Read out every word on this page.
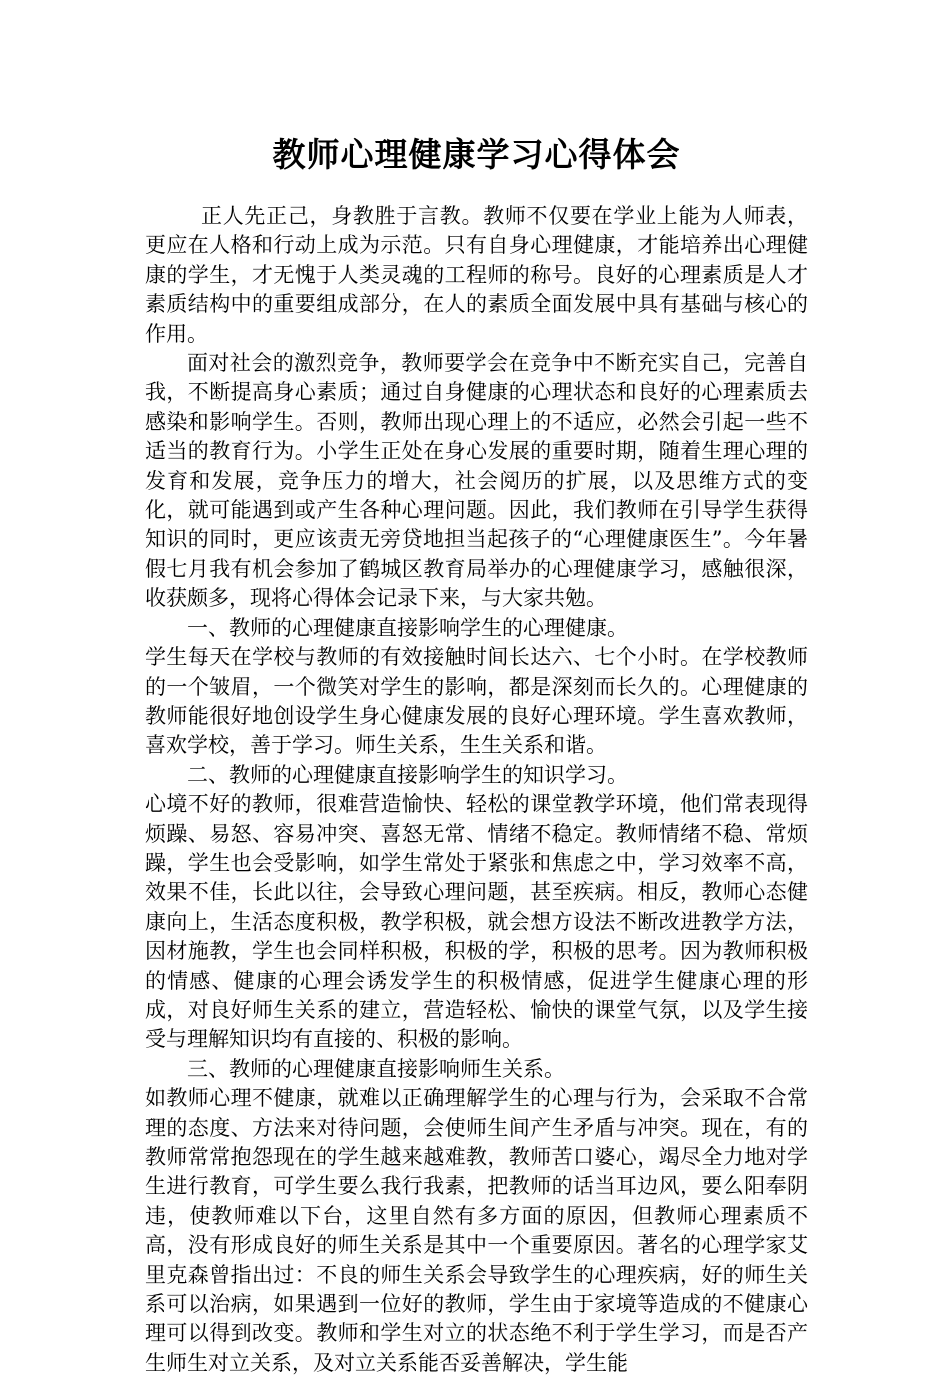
教师心理健康学习心得体会

正人先正己，身教胜于言教。教师不仅要在学业上能为人师表，更应在人格和行动上成为示范。只有自身心理健康，才能培养出心理健康的学生，才无愧于人类灵魂的工程师的称号。良好的心理素质是人才素质结构中的重要组成部分，在人的素质全面发展中具有基础与核心的作用。

面对社会的激烈竞争，教师要学会在竞争中不断充实自己，完善自我，不断提高身心素质；通过自身健康的心理状态和良好的心理素质去感染和影响学生。否则，教师出现心理上的不适应，必然会引起一些不适当的教育行为。小学生正处在身心发展的重要时期，随着生理心理的发育和发展，竞争压力的增大，社会阅历的扩展，以及思维方式的变化，就可能遇到或产生各种心理问题。因此，我们教师在引导学生获得知识的同时，更应该责无旁贷地担当起孩子的“心理健康医生”。今年暑假七月我有机会参加了鹤城区教育局举办的心理健康学习，感触很深，收获颇多，现将心得体会记录下来，与大家共勉。

一、教师的心理健康直接影响学生的心理健康。

学生每天在学校与教师的有效接触时间长达六、七个小时。在学校教师的一个皱眉，一个微笑对学生的影响，都是深刻而长久的。心理健康的教师能很好地创设学生身心健康发展的良好心理环境。学生喜欢教师，喜欢学校，善于学习。师生关系，生生关系和谐。

二、教师的心理健康直接影响学生的知识学习。

心境不好的教师，很难营造愉快、轻松的课堂教学环境，他们常表现得烦躁、易怒、容易冲突、喜怒无常、情绪不稳定。教师情绪不稳、常烦躁，学生也会受影响，如学生常处于紧张和焦虑之中，学习效率不高，效果不佳，长此以往，会导致心理问题，甚至疾病。相反，教师心态健康向上，生活态度积极，教学积极，就会想方设法不断改进教学方法，因材施教，学生也会同样积极，积极的学，积极的思考。因为教师积极的情感、健康的心理会诱发学生的积极情感，促进学生健康心理的形成，对良好师生关系的建立，营造轻松、愉快的课堂气氛，以及学生接受与理解知识均有直接的、积极的影响。

三、教师的心理健康直接影响师生关系。

如教师心理不健康，就难以正确理解学生的心理与行为，会采取不合常理的态度、方法来对待问题，会使师生间产生矛盾与冲突。现在，有的教师常常抱怨现在的学生越来越难教，教师苦口婆心，竭尽全力地对学生进行教育，可学生要么我行我素，把教师的话当耳边风，要么阳奉阴违，使教师难以下台，这里自然有多方面的原因，但教师心理素质不高，没有形成良好的师生关系是其中一个重要原因。著名的心理学家艾里克森曾指出过：不良的师生关系会导致学生的心理疾病，好的师生关系可以治病，如果遇到一位好的教师，学生由于家境等造成的不健康心理可以得到改变。教师和学生对立的状态绝不利于学生学习，而是否产生师生对立关系，及对立关系能否妥善解决，学生能
